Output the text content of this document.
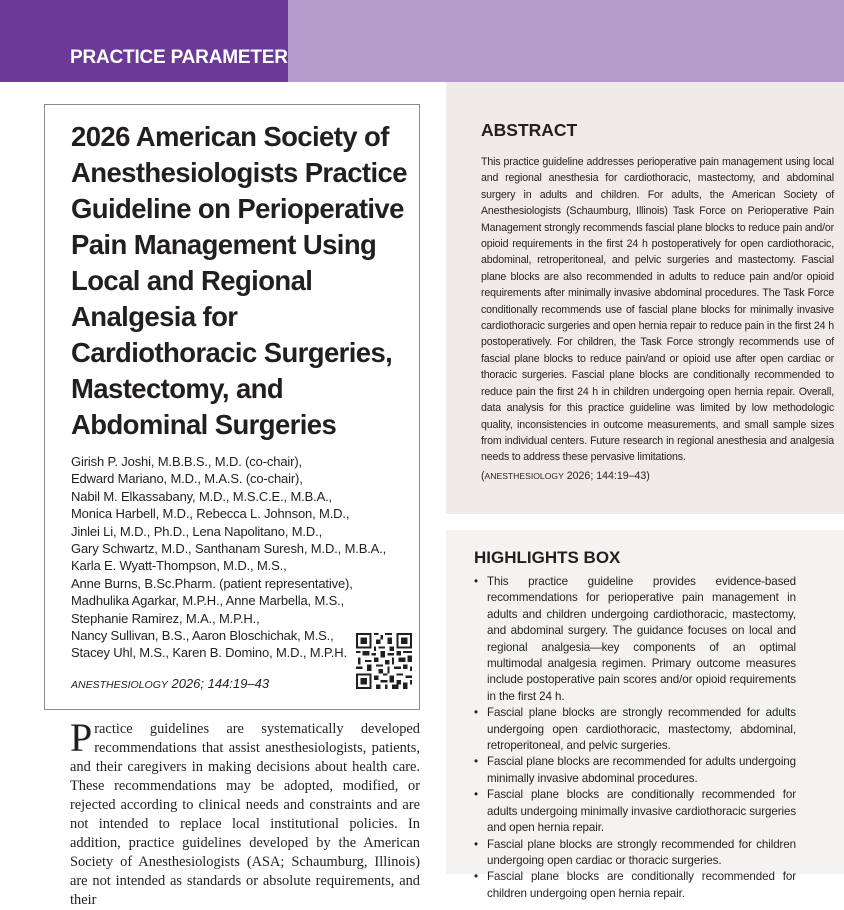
PRACTICE PARAMETER
2026 American Society of Anesthesiologists Practice Guideline on Perioperative Pain Management Using Local and Regional Analgesia for Cardiothoracic Surgeries, Mastectomy, and Abdominal Surgeries
Girish P. Joshi, M.B.B.S., M.D. (co-chair),
Edward Mariano, M.D., M.A.S. (co-chair),
Nabil M. Elkassabany, M.D., M.S.C.E., M.B.A.,
Monica Harbell, M.D., Rebecca L. Johnson, M.D.,
Jinlei Li, M.D., Ph.D., Lena Napolitano, M.D.,
Gary Schwartz, M.D., Santhanam Suresh, M.D., M.B.A.,
Karla E. Wyatt-Thompson, M.D., M.S.,
Anne Burns, B.Sc.Pharm. (patient representative),
Madhulika Agarkar, M.P.H., Anne Marbella, M.S.,
Stephanie Ramirez, M.A., M.P.H.,
Nancy Sullivan, B.S., Aaron Bloschichak, M.S.,
Stacey Uhl, M.S., Karen B. Domino, M.D., M.P.H.
ANESTHESIOLOGY 2026; 144:19–43
Practice guidelines are systematically developed recommendations that assist anesthesiologists, patients, and their caregivers in making decisions about health care. These recommendations may be adopted, modified, or rejected according to clinical needs and constraints and are not intended to replace local institutional policies. In addition, practice guidelines developed by the American Society of Anesthesiologists (ASA; Schaumburg, Illinois) are not intended as standards or absolute requirements, and their
ABSTRACT

This practice guideline addresses perioperative pain management using local and regional anesthesia for cardiothoracic, mastectomy, and abdominal surgery in adults and children. For adults, the American Society of Anesthesiologists (Schaumburg, Illinois) Task Force on Perioperative Pain Management strongly recommends fascial plane blocks to reduce pain and/or opioid requirements in the first 24 h postoperatively for open cardiothoracic, abdominal, retroperitoneal, and pelvic surgeries and mastectomy. Fascial plane blocks are also recommended in adults to reduce pain and/or opioid requirements after minimally invasive abdominal procedures. The Task Force conditionally recommends use of fascial plane blocks for minimally invasive cardiothoracic surgeries and open hernia repair to reduce pain in the first 24 h postoperatively. For children, the Task Force strongly recommends use of fascial plane blocks to reduce pain/and or opioid use after open cardiac or thoracic surgeries. Fascial plane blocks are conditionally recommended to reduce pain the first 24 h in children undergoing open hernia repair. Overall, data analysis for this practice guideline was limited by low methodologic quality, inconsistencies in outcome measurements, and small sample sizes from individual centers. Future research in regional anesthesia and analgesia needs to address these pervasive limitations.

(ANESTHESIOLOGY 2026; 144:19–43)
HIGHLIGHTS BOX
• This practice guideline provides evidence-based recommendations for perioperative pain management in adults and children undergoing cardiothoracic, mastectomy, and abdominal surgery. The guidance focuses on local and regional analgesia—key components of an optimal multimodal analgesia regimen. Primary outcome measures include postoperative pain scores and/or opioid requirements in the first 24 h.
• Fascial plane blocks are strongly recommended for adults undergoing open cardiothoracic, mastectomy, abdominal, retroperitoneal, and pelvic surgeries.
• Fascial plane blocks are recommended for adults undergoing minimally invasive abdominal procedures.
• Fascial plane blocks are conditionally recommended for adults undergoing minimally invasive cardiothoracic surgeries and open hernia repair.
• Fascial plane blocks are strongly recommended for children undergoing open cardiac or thoracic surgeries.
• Fascial plane blocks are conditionally recommended for children undergoing open hernia repair.
